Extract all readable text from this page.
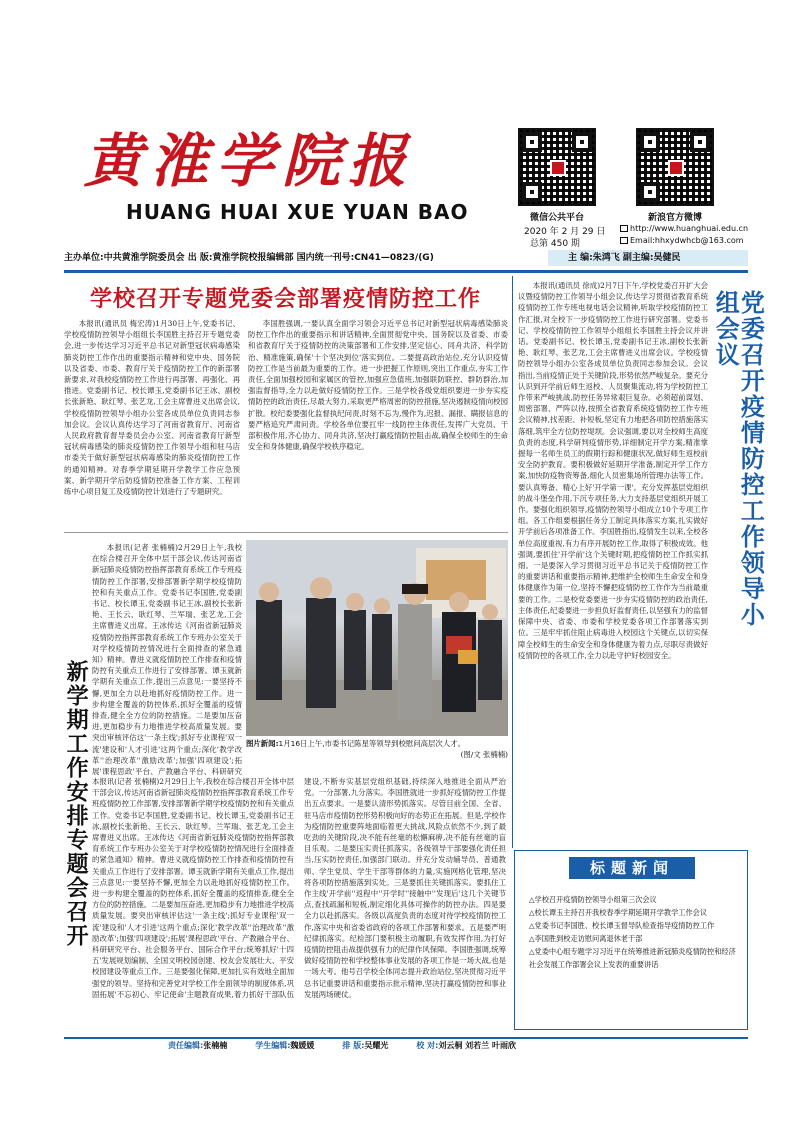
黄淮学院报
HUANG HUAI XUE YUAN BAO	微信公共平台	新浪官方微博
2020 年 2 月 29 日
总第 450 期
http://www.huanghuai.edu.cn
Email:hhxydwhcb@163.com
主办单位:中共黄淮学院委员会 出 版:黄淮学院校报编辑部 国内统一刊号:CN41—0823/(G)	主 编:朱鸿飞 副主编:吴健民
学校召开专题党委会部署疫情防控工作
本报讯(通讯员 梅宏涛)1月30日上午,党委书记、学校疫情防控领导小组组长李国胜主持召开专题党委会,进一步传达学习习近平总书记对新型冠状病毒感染肺炎防控工作作出的重要指示精神和党中央、国务院以及省委、市委、教育厅关于疫情防控工作的新部署新要求,对我校疫情防控工作进行再部署、再强化、再推进。党委副书记、校长谭玉,党委副书记王冰、副校长张新艳、耿红琴、张艺龙,工会主席曹进义出席会议,学校疫情防控领导小组办公室各成员单位负责同志参加会议。会议认真传达学习了河南省教育厅、河南省人民政府教育督导委员会办公室、河南省教育厅新型冠状病毒感染的肺炎疫情防控工作领导小组和驻马店市委关于做好新型冠状病毒感染的肺炎疫情防控工作的通知精神。对春季学期延期开学教学工作应急预案、新学期开学后防疫情防控准备工作方案、工程训练中心项目复工及疫情防控计划进行了专题研究。
李国胜强调,一要认真全面学习领会习近平总书记对新型冠状病毒感染肺炎防控工作作出的重要指示和讲话精神,全面贯彻党中央、国务院以及省委、市委和省教育厅关于疫情防控的决策部署和工作安排,坚定信心、同舟共济、科学防治、精准施策,确保'十个坚决到位'落实到位。二要提高政治站位,充分认识疫情防控工作是当前最为重要的工作。进一步把握工作原则,突出工作重点,夯实工作责任,全面加强校园和家属区的管控,加强应急值班,加强联防联控、群防群治,加强监督指导,全力以赴做好疫情防控工作。三是学校各级党组织要进一步夯实疫情防控的政治责任,尽最大努力,采取更严格周密的防控措施,坚决遏制疫情向校园扩散。校纪委要强化监督执纪问责,时刻不忘为,慢作为,迟报、漏报、瞒报信息的要严格追究严肃问责。学校各单位要扛牢一线防控主体责任,发挥广大党员、干部积极作用,齐心协力、同舟共济,坚决打赢疫情防控阻击战,确保全校师生的生命安全和身体健康,确保学校秩序稳定。	党委召开疫情防控工作领导小组会议
本报讯(通讯员 徐成)2月7日下午,学校党委召开扩大会议暨疫情防控工作领导小组会议,传达学习贯彻省教育系统疫情防控工作专班电视电话会议精神,听取学校疫情防控工作汇报,对全校下一步疫情防控工作进行研究部署。党委书记、学校疫情防控工作领导小组组长李国胜主持会议并讲话。党委副书记、校长谭玉,党委副书记王冰,副校长张新艳、耿红琴、张艺龙,工会主席曹进义出席会议。学校疫情防控领导小组办公室各成员单位负责同志参加会议。会议指出,当前疫情正处于关键阶段,形势依然严峻复杂。要充分认识到开学前后师生返校、人员聚集流动,将为学校防控工作带来严峻挑战,防控任务异常艰巨复杂。必须超前谋划、周密部署、严阵以待,按照全省教育系统疫情防控工作专班会议精神,找差距、补短板,坚定有力地把各项防控措施落实落细,筑牢全方位防控堤坝。会议强调,要以对全校师生高度负责的态度,科学研判疫情形势,详细制定开学方案,精准掌握每一名师生员工的假期行踪和健康状况,做好师生返校前安全防护教育。要积极做好延期开学准备,制定开学工作方案,加快防疫物资筹备,细化人员密集场所管理办法等工作。要认真筹备、精心上好'开学第一课'。充分发挥基层党组织的战斗堡垒作用,下沉专项任务,大力支持基层党组织开展工作。要强化组织领导,疫情防控领导小组成立10个专项工作组。各工作组要根据任务分工制定具体落实方案,扎实做好开学前后各项准备工作。李国胜指出,疫情发生以来,全校各单位高度重视,有力有序开展防控工作,取得了积极成效。他强调,要抓住'开学前'这个关键时期,把疫情防控工作抓实抓细。一是要深入学习贯彻习近平总书记关于疫情防控工作的重要讲话和重要指示精神,把维护全校师生生命安全和身体健康作为第一位,坚持不懈把疫情防控工作作为当前最重要的工作。二是校党委要进一步夯实疫情防控的政治责任,主体责任,纪委要进一步担负好监督责任,以坚强有力的监督保障中央、省委、市委和学校党委各项工作部署落实到位。三是牢牢抓住阻止病毒进入校园这个关键点,以切实保障全校师生的生命安全和身体健康为着力点,尽职尽责做好疫情防控的各项工作,全力以赴守护好校园安全。
新学期工作安排专题会召开
本报讯(记者 张楠楠)2月29日上午,我校在综合楼召开全体中层干部会议,传达河南省新冠肺炎疫情防控指挥部教育系统工作专班疫情防控工作部署,安排部署新学期学校疫情防控和有关重点工作。党委书记李国胜,党委副书记、校长谭玉,党委副书记王冰,副校长张新艳、王长云、耿红琴、兰军瑞、张艺龙,工会主席曹进义出席。王冰传达《河南省新冠肺炎疫情防控指挥部教育系统工作专班办公室关于对学校疫情防控情况进行全面排查的紧急通知》精神。曹进义就疫情防控工作排查和疫情防控有关重点工作进行了安排部署。谭玉就新学期有关重点工作,提出三点意见:一要坚持不懈,更加全力以赴地抓好疫情防控工作。进一步构建全覆盖的防控体系,抓好全覆盖的疫情排查,健全全方位的防控措施。二是要加压奋进,更加稳步有力地推进学校高质量发展。要突出审核评估这'一条主线';抓好专业课程'双一流'建设和'人才引进'这两个重点;深化'教学改革''治理改革''激励改革';加强'四项建设';拓展'课程思政'平台、产教融合平台、科研研究
图片新闻:1月16日上午,市委书记陈星等领导到校慰问高层次人才。
(图/文 张楠楠)
本报讯(记者 张楠楠)2月29日上午,我校在综合楼召开全体中层干部会议,传达河南省新冠肺炎疫情防控指挥部教育系统工作专班疫情防控工作部署,安排部署新学期学校疫情防控和有关重点工作。党委书记李国胜,党委副书记、校长谭玉,党委副书记王冰,副校长张新艳、王长云、耿红琴、兰军瑞、张艺龙,工会主席曹进义出席。王冰传达《河南省新冠肺炎疫情防控指挥部教育系统工作专班办公室关于对学校疫情防控情况进行全面排查的紧急通知》精神。曹进义就疫情防控工作排查和疫情防控有关重点工作进行了安排部署。谭玉就新学期有关重点工作,提出三点意见:一要坚持不懈,更加全力以赴地抓好疫情防控工作。进一步构建全覆盖的防控体系,抓好全覆盖的疫情排查,健全全方位的防控措施。二是要加压奋进,更加稳步有力地推进学校高质量发展。要突出审核评估这'一条主线';抓好专业课程'双一流'建设和'人才引进'这两个重点;深化'教学改革''治理改革''激励改革';加强'四项建设';拓展'课程思政'平台、产教融合平台、科研研究平台、社会服务平台、国际合作平台;统筹抓好'十四五'发展规划编制、全国文明校园创建、校友会发展壮大、平安校园建设等重点工作。三是要强化保障,更加扎实有效地全面加强党的领导。坚持和完善党对学校工作全面领导的制度体系,巩固拓展'不忘初心、牢记使命'主题教育成果,着力抓好干部队伍建设,不断夯实基层党组织基础,持续深入地推进全面从严治党。一分部署,九分落实。李国胜就进一步抓好疫情防控工作提出五点要求。一是要认清形势抓落实。尽管目前全国、全省、驻马店市疫情防控形势积极向好的态势正在拓展。但是,学校作为疫情防控重要阵地面临着更大挑战,风险点依然不少,到了最吃劲的关键阶段,决不能有丝毫的松懈麻痹,决不能有丝毫的盲目乐观。二是要压实责任抓落实。各级领导干部要强化责任担当,压实防控责任,加强部门联动。并充分发动辅导员、普通教师、学生党员、学生干部等群体的力量,实施网格化管理,坚决将各项防控措施落到实处。三是要抓住关键抓落实。要抓住工作主线'开学前''返程中''开学时''接触中''发现后'这几个关键节点,查找疏漏和短板,制定细化具体可操作的防控办法。四是要全力以赴抓落实。各级以高度负责的态度对待学校疫情防控工作,落实中央和省委省政府的各项工作部署和要求。五是要严明纪律抓落实。纪检部门要积极主动履职,有效发挥作用,为打好疫情防控阻击战提供强有力的纪律作风保障。李国胜强调,统筹做好疫情防控和学校整体事业发展的各项工作是一场大战,也是一场大考。他号召学校全体同志提升政治站位,坚决贯彻习近平总书记重要讲话和重要指示批示精神,坚决打赢疫情防控和事业发展两场硬仗。
标题新闻
△学校召开疫情防控领导小组第三次会议
△校长谭玉主持召开我校春季学期延期开学教学工作会议
△党委书记李国胜、校长谭玉督导队检查指导疫情防控工作
△李国胜到校走访慰问离退休老干部
△党委中心组专题学习习近平在统筹推进新冠肺炎疫情防控和经济社会发展工作部署会议上发表的重要讲话
责任编辑:张楠楠	学生编辑:魏媛媛	排 版:吴耀光	校 对:刘云桐 刘若兰 叶雨欣
